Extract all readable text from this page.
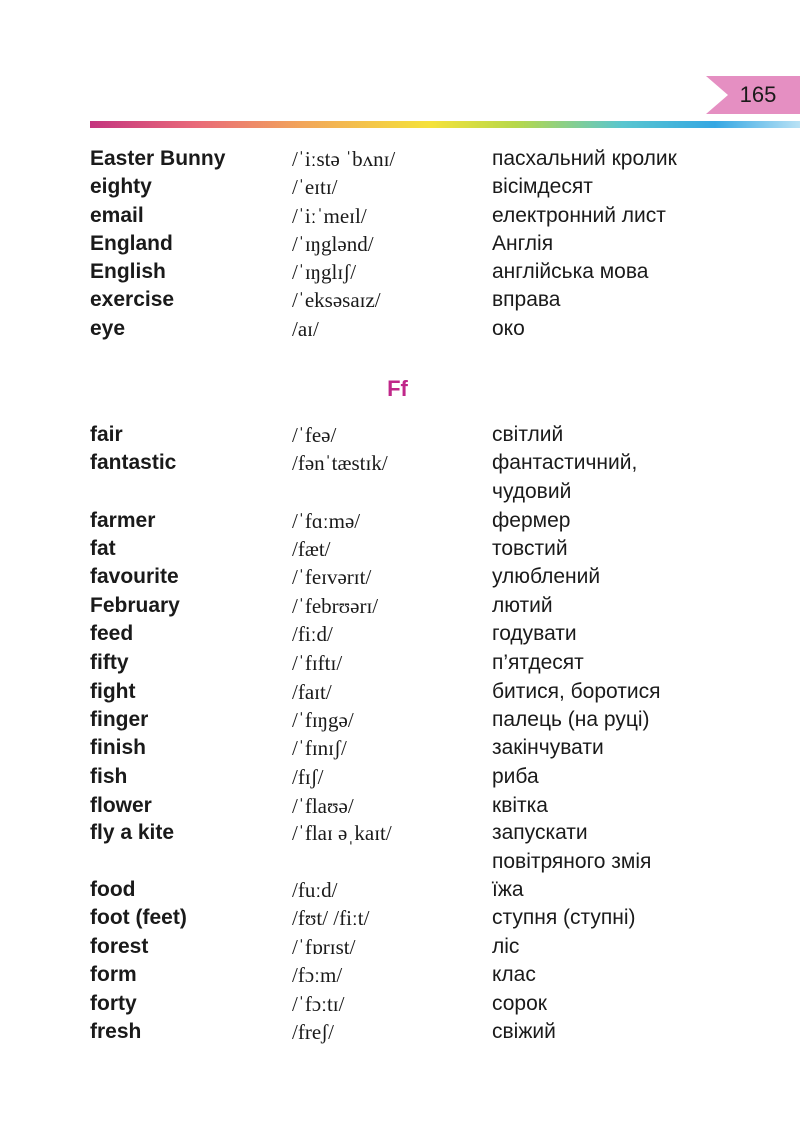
165
Easter Bunny	/ˈiːstə ˈbʌnɪ/	пасхальний кролик
eighty	/ˈeɪtɪ/	вісімдесят
email	/ˈiːˈmeɪl/	електронний лист
England	/ˈɪŋglənd/	Англія
English	/ˈɪŋglɪʃ/	англійська мова
exercise	/ˈeksəsaɪz/	вправа
eye	/aɪ/	око
Ff
fair	/ˈfeə/	світлий
fantastic	/fənˈtæstɪk/	фантастичний,
чудовий
farmer	/ˈfɑːmə/	фермер
fat	/fæt/	товстий
favourite	/ˈfeɪvərɪt/	улюблений
February	/ˈfebrʊərɪ/	лютий
feed	/fiːd/	годувати
fifty	/ˈfɪftɪ/	п’ятдесят
fight	/faɪt/	битися, боротися
finger	/ˈfɪŋgə/	палець (на руці)
finish	/ˈfɪnɪʃ/	закінчувати
fish	/fɪʃ/	риба
flower	/ˈflaʊə/	квітка
fly a kite	/ˈflaɪ əˌkaɪt/	запускати
повітряного змія
food	/fuːd/	їжа
foot (feet)	/fʊt/ /fiːt/	ступня (ступні)
forest	/ˈfɒrɪst/	ліс
form	/fɔːm/	клас
forty	/ˈfɔːtɪ/	сорок
fresh	/freʃ/	свіжий
